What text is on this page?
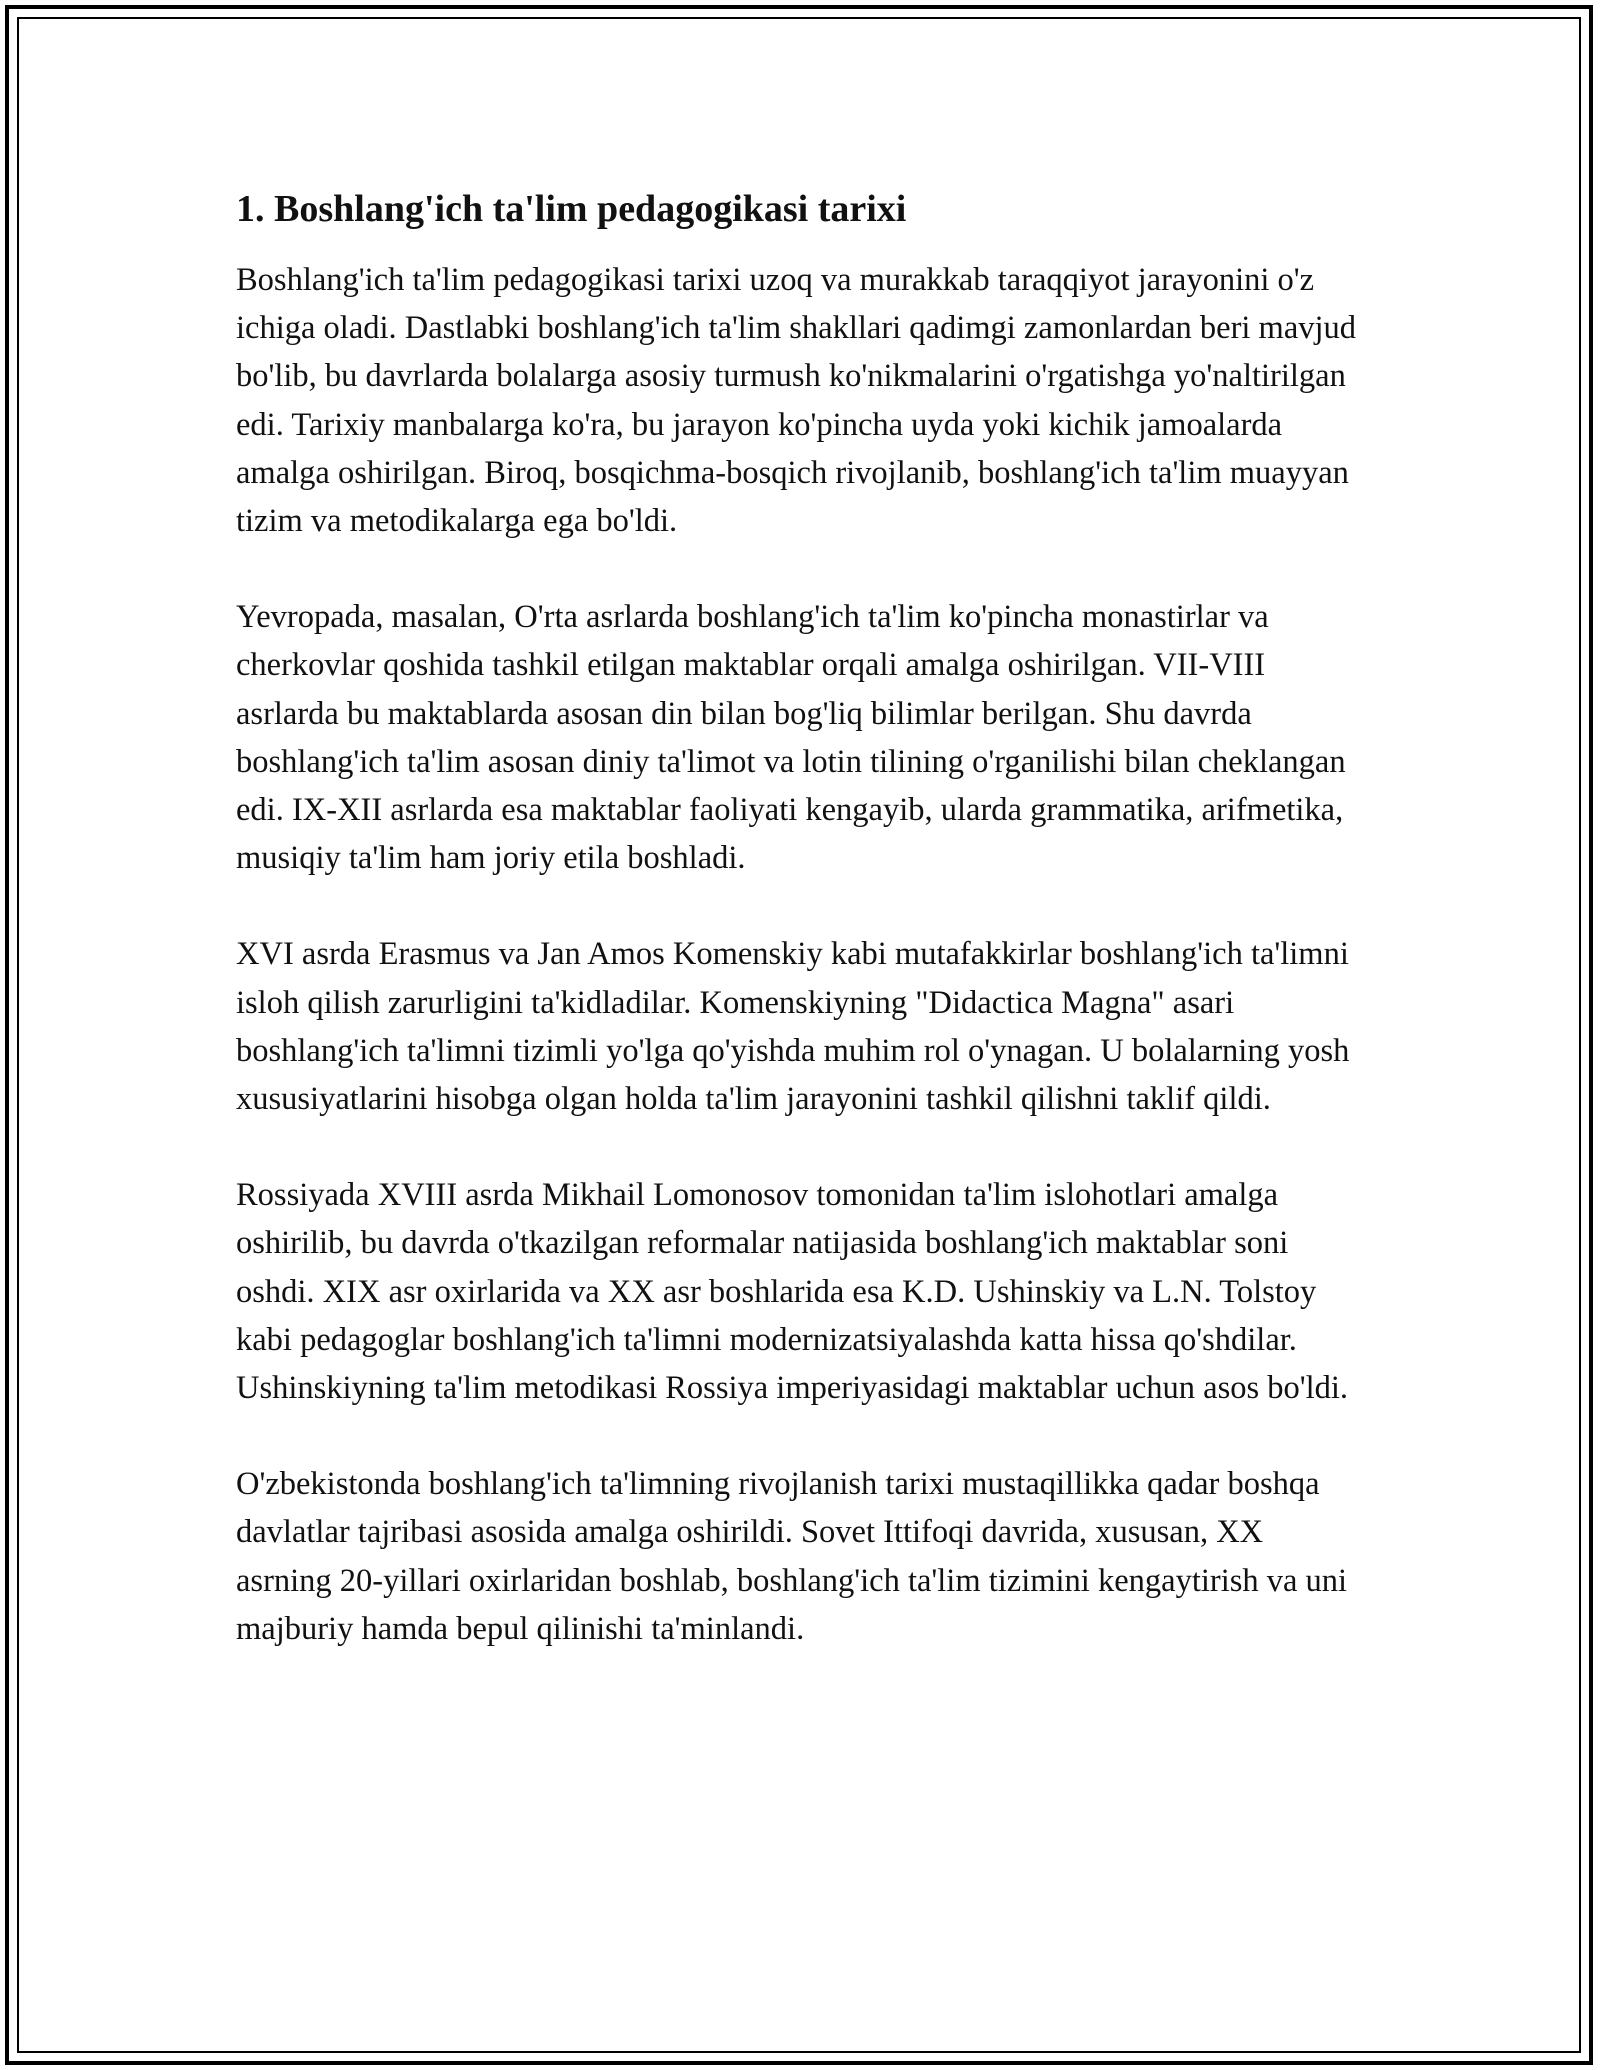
1. Boshlang'ich ta'lim pedagogikasi tarixi

Boshlang'ich ta'lim pedagogikasi tarixi uzoq va murakkab taraqqiyot jarayonini o'z ichiga oladi. Dastlabki boshlang'ich ta'lim shakllari qadimgi zamonlardan beri mavjud bo'lib, bu davrlarda bolalarga asosiy turmush ko'nikmalarini o'rgatishga yo'naltirilgan edi. Tarixiy manbalarga ko'ra, bu jarayon ko'pincha uyda yoki kichik jamoalarda amalga oshirilgan. Biroq, bosqichma-bosqich rivojlanib, boshlang'ich ta'lim muayyan tizim va metodikalarga ega bo'ldi.

Yevropada, masalan, O'rta asrlarda boshlang'ich ta'lim ko'pincha monastirlar va cherkovlar qoshida tashkil etilgan maktablar orqali amalga oshirilgan. VII-VIII asrlarda bu maktablarda asosan din bilan bog'liq bilimlar berilgan. Shu davrda boshlang'ich ta'lim asosan diniy ta'limot va lotin tilining o'rganilishi bilan cheklangan edi. IX-XII asrlarda esa maktablar faoliyati kengayib, ularda grammatika, arifmetika, musiqiy ta'lim ham joriy etila boshladi.

XVI asrda Erasmus va Jan Amos Komenskiy kabi mutafakkirlar boshlang'ich ta'limni isloh qilish zarurligini ta'kidladilar. Komenskiyning "Didactica Magna" asari boshlang'ich ta'limni tizimli yo'lga qo'yishda muhim rol o'ynagan. U bolalarning yosh xususiyatlarini hisobga olgan holda ta'lim jarayonini tashkil qilishni taklif qildi.

Rossiyada XVIII asrda Mikhail Lomonosov tomonidan ta'lim islohotlari amalga oshirilib, bu davrda o'tkazilgan reformalar natijasida boshlang'ich maktablar soni oshdi. XIX asr oxirlarida va XX asr boshlarida esa K.D. Ushinskiy va L.N. Tolstoy kabi pedagoglar boshlang'ich ta'limni modernizatsiyalashda katta hissa qo'shdilar. Ushinskiyning ta'lim metodikasi Rossiya imperiyasidagi maktablar uchun asos bo'ldi.

O'zbekistonda boshlang'ich ta'limning rivojlanish tarixi mustaqillikka qadar boshqa davlatlar tajribasi asosida amalga oshirildi. Sovet Ittifoqi davrida, xususan, XX asrning 20-yillari oxirlaridan boshlab, boshlang'ich ta'lim tizimini kengaytirish va uni majburiy hamda bepul qilinishi ta'minlandi.
